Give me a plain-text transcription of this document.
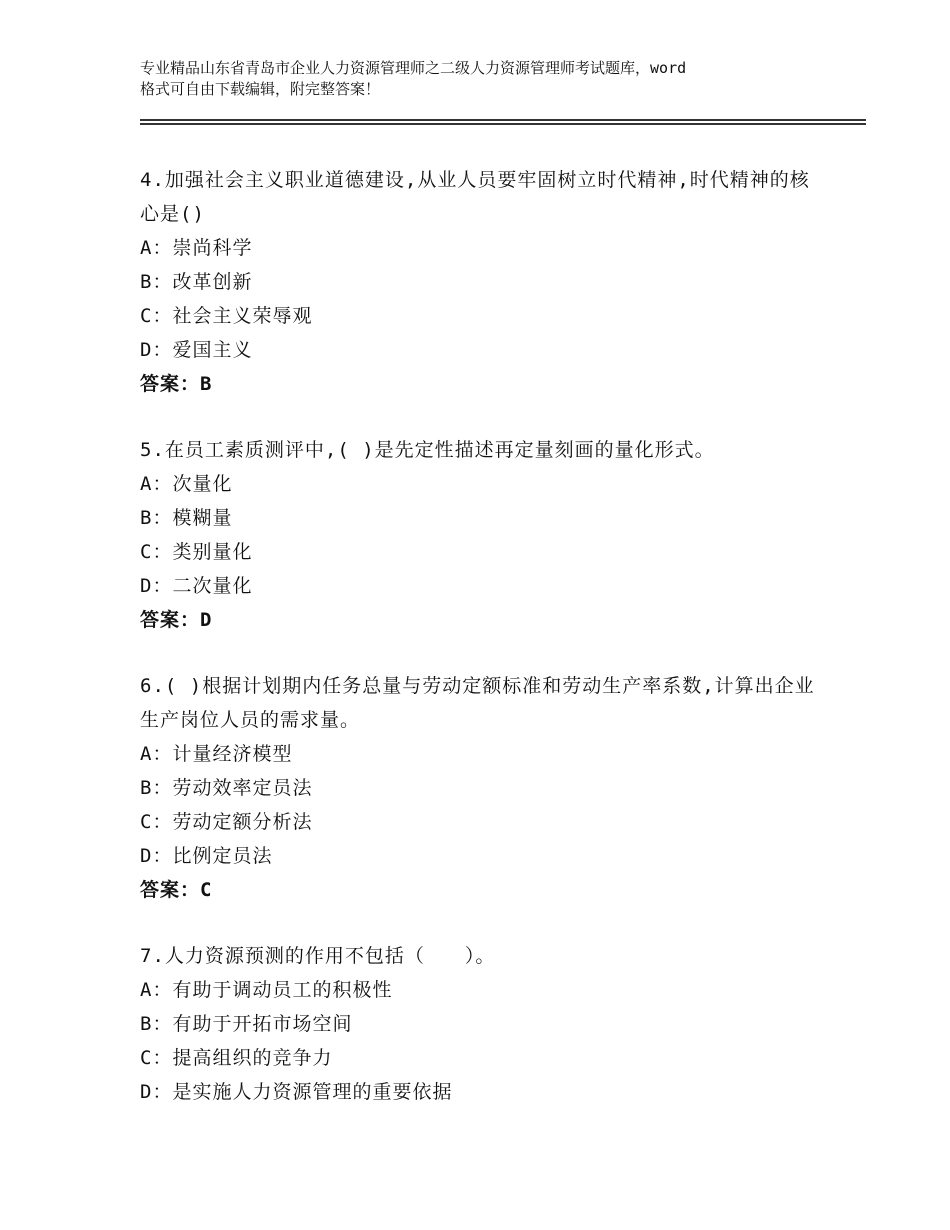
专业精品山东省青岛市企业人力资源管理师之二级人力资源管理师考试题库，word
格式可自由下载编辑，附完整答案！
4.加强社会主义职业道德建设,从业人员要牢固树立时代精神,时代精神的核心是()
A：崇尚科学
B：改革创新
C：社会主义荣辱观
D：爱国主义
答案：B
5.在员工素质测评中,( )是先定性描述再定量刻画的量化形式。
A：次量化
B：模糊量
C：类别量化
D：二次量化
答案：D
6.( )根据计划期内任务总量与劳动定额标准和劳动生产率系数,计算出企业生产岗位人员的需求量。
A：计量经济模型
B：劳动效率定员法
C：劳动定额分析法
D：比例定员法
答案：C
7.人力资源预测的作用不包括（　　）。
A：有助于调动员工的积极性
B：有助于开拓市场空间
C：提高组织的竞争力
D：是实施人力资源管理的重要依据
